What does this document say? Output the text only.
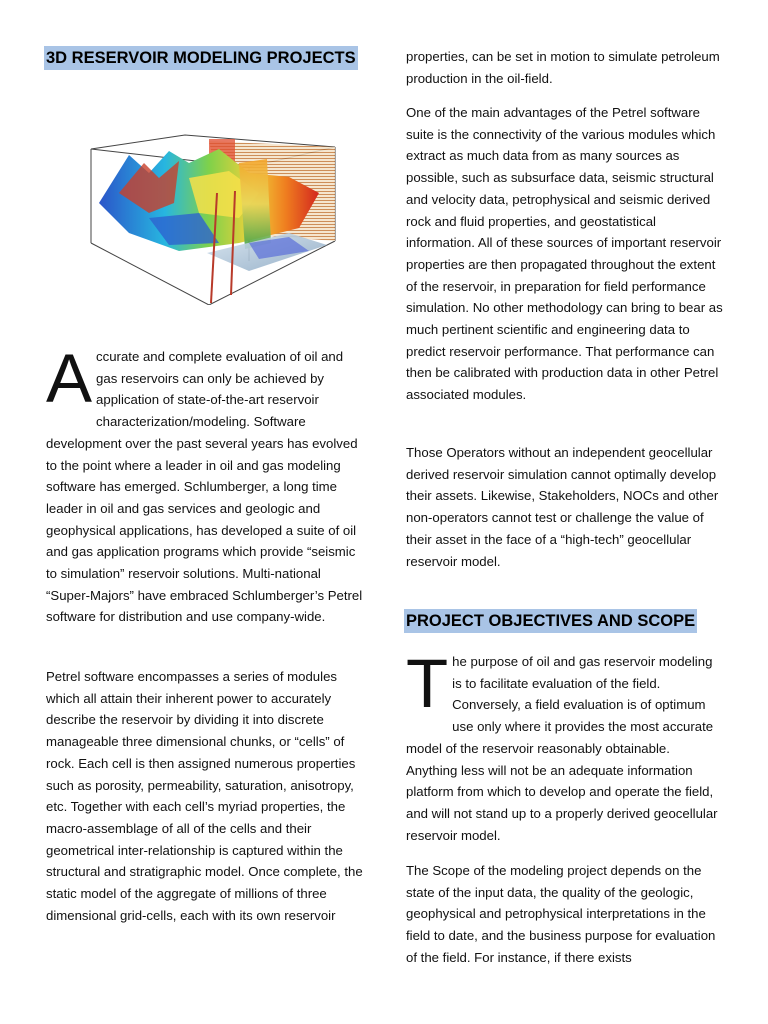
3D RESERVOIR MODELING PROJECTS

Accurate and complete evaluation of oil and gas reservoirs can only be achieved by application of state-of-the-art reservoir characterization/modeling. Software development over the past several years has evolved to the point where a leader in oil and gas modeling software has emerged. Schlumberger, a long time leader in oil and gas services and geologic and geophysical applications, has developed a suite of oil and gas application programs which provide “seismic to simulation” reservoir solutions. Multi-national “Super-Majors” have embraced Schlumberger’s Petrel software for distribution and use company-wide.

Petrel software encompasses a series of modules which all attain their inherent power to accurately describe the reservoir by dividing it into discrete manageable three dimensional chunks, or “cells” of rock. Each cell is then assigned numerous properties such as porosity, permeability, saturation, anisotropy, etc. Together with each cell’s myriad properties, the macro-assemblage of all of the cells and their geometrical inter-relationship is captured within the structural and stratigraphic model. Once complete, the static model of the aggregate of millions of three dimensional grid-cells, each with its own reservoir

properties, can be set in motion to simulate petroleum production in the oil-field.

One of the main advantages of the Petrel software suite is the connectivity of the various modules which extract as much data from as many sources as possible, such as subsurface data, seismic structural and velocity data, petrophysical and seismic derived rock and fluid properties, and geostatistical information. All of these sources of important reservoir properties are then propagated throughout the extent of the reservoir, in preparation for field performance simulation. No other methodology can bring to bear as much pertinent scientific and engineering data to predict reservoir performance. That performance can then be calibrated with production data in other Petrel associated modules.

Those Operators without an independent geocellular derived reservoir simulation cannot optimally develop their assets. Likewise, Stakeholders, NOCs and other non-operators cannot test or challenge the value of their asset in the face of a “high-tech” geocellular reservoir model.

PROJECT OBJECTIVES AND SCOPE

The purpose of oil and gas reservoir modeling is to facilitate evaluation of the field. Conversely, a field evaluation is of optimum use only where it provides the most accurate model of the reservoir reasonably obtainable. Anything less will not be an adequate information platform from which to develop and operate the field, and will not stand up to a properly derived geocellular reservoir model.

The Scope of the modeling project depends on the state of the input data, the quality of the geologic, geophysical and petrophysical interpretations in the field to date, and the business purpose for evaluation of the field. For instance, if there exists
